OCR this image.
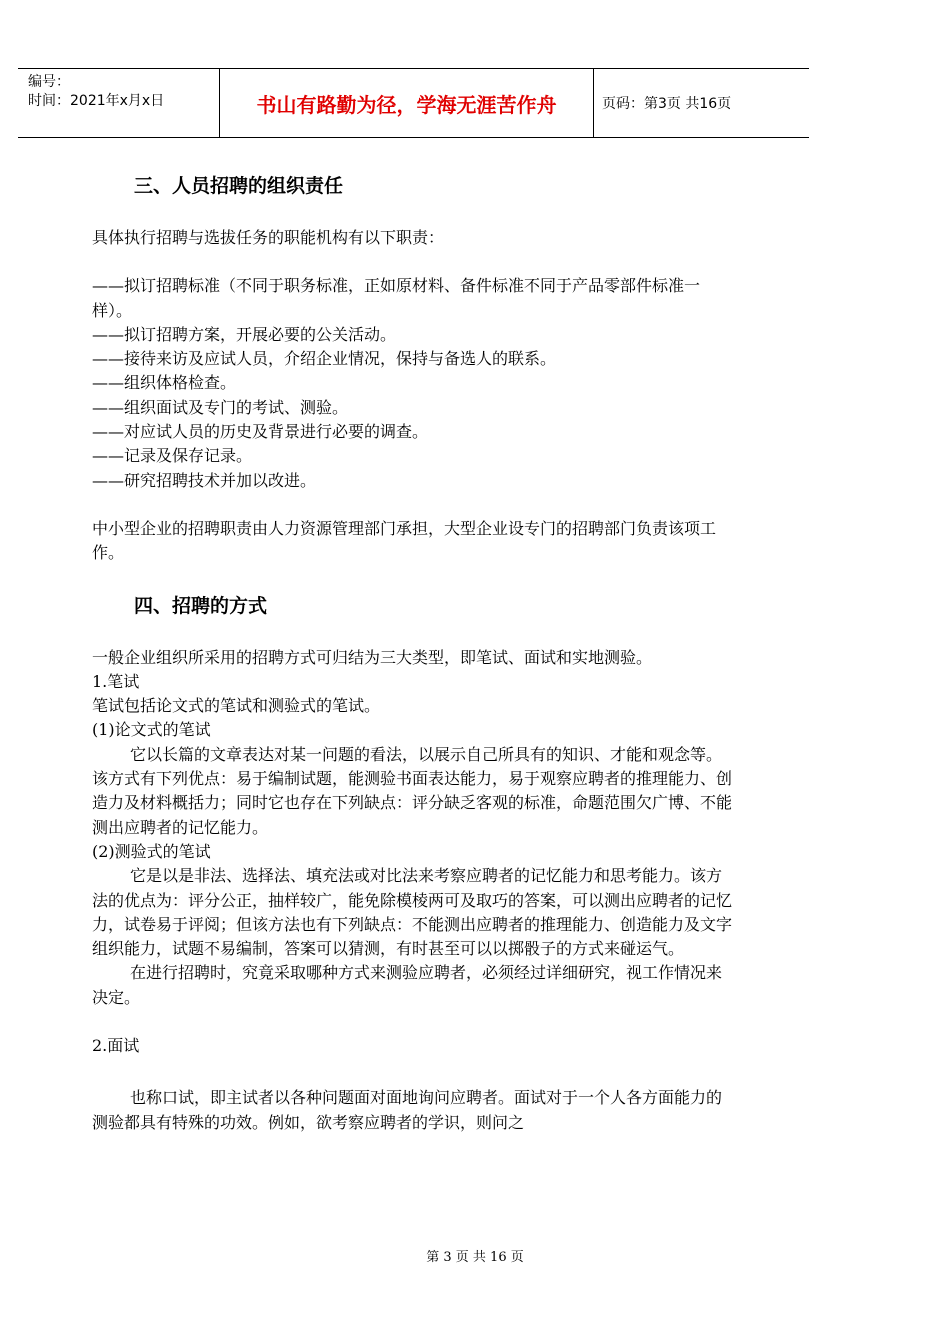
编号：
时间：2021年x月x日	书山有路勤为径，学海无涯苦作舟	页码：第3页 共16页
三、人员招聘的组织责任

具体执行招聘与选拔任务的职能机构有以下职责：

——拟订招聘标准（不同于职务标准，正如原材料、备件标准不同于产品零部件标准一样）。

——拟订招聘方案，开展必要的公关活动。

——接待来访及应试人员，介绍企业情况，保持与备选人的联系。

——组织体格检查。

——组织面试及专门的考试、测验。

——对应试人员的历史及背景进行必要的调查。

——记录及保存记录。

——研究招聘技术并加以改进。

中小型企业的招聘职责由人力资源管理部门承担，大型企业设专门的招聘部门负责该项工作。

四、招聘的方式

一般企业组织所采用的招聘方式可归结为三大类型，即笔试、面试和实地测验。

1.笔试

笔试包括论文式的笔试和测验式的笔试。

(1)论文式的笔试

它以长篇的文章表达对某一问题的看法，以展示自己所具有的知识、才能和观念等。该方式有下列优点：易于编制试题，能测验书面表达能力，易于观察应聘者的推理能力、创造力及材料概括力；同时它也存在下列缺点：评分缺乏客观的标准，命题范围欠广博、不能测出应聘者的记忆能力。

(2)测验式的笔试

它是以是非法、选择法、填充法或对比法来考察应聘者的记忆能力和思考能力。该方法的优点为：评分公正，抽样较广，能免除模棱两可及取巧的答案，可以测出应聘者的记忆力，试卷易于评阅；但该方法也有下列缺点：不能测出应聘者的推理能力、创造能力及文字组织能力，试题不易编制，答案可以猜测，有时甚至可以以掷骰子的方式来碰运气。

在进行招聘时，究竟采取哪种方式来测验应聘者，必须经过详细研究，视工作情况来决定。

2.面试

也称口试，即主试者以各种问题面对面地询问应聘者。面试对于一个人各方面能力的测验都具有特殊的功效。例如，欲考察应聘者的学识，则问之

第 3 页 共 16 页
